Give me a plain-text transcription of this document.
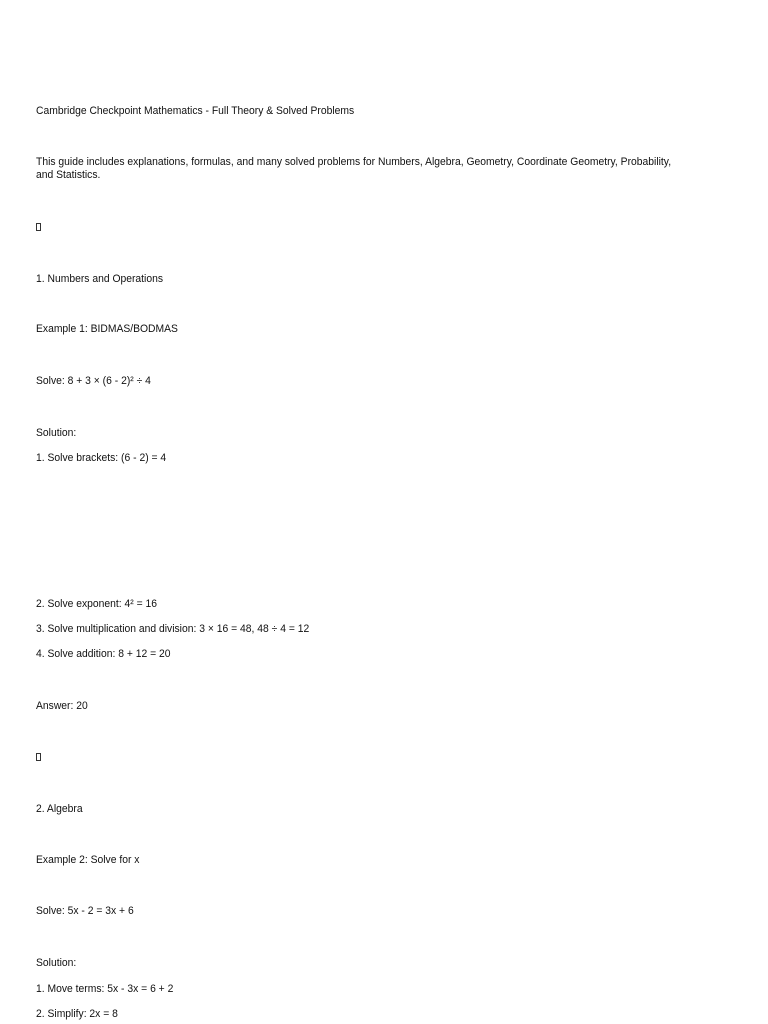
Cambridge Checkpoint Mathematics - Full Theory & Solved Problems
This guide includes explanations, formulas, and many solved problems for Numbers, Algebra, Geometry, Coordinate Geometry, Probability, and Statistics.
1. Numbers and Operations
Example 1: BIDMAS/BODMAS
Solve: 8 + 3 × (6 - 2)² ÷ 4
Solution:
1. Solve brackets: (6 - 2) = 4
2. Solve exponent: 4² = 16
3. Solve multiplication and division: 3 × 16 = 48, 48 ÷ 4 = 12
4. Solve addition: 8 + 12 = 20
Answer: 20
2. Algebra
Example 2: Solve for x
Solve: 5x - 2 = 3x + 6
Solution:
1. Move terms: 5x - 3x = 6 + 2
2. Simplify: 2x = 8
